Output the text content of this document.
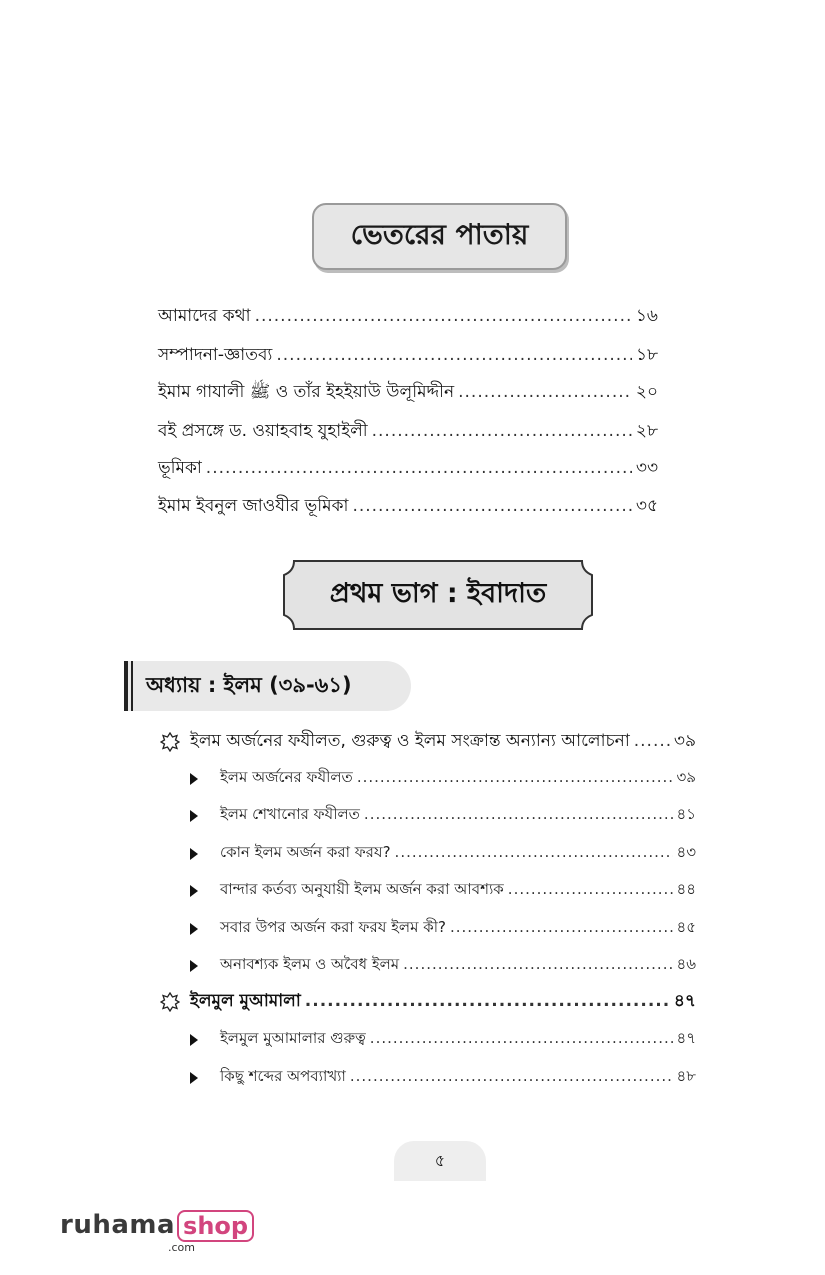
ভেতরের পাতায়
আমাদের কথা .....	১৬
সম্পাদনা-জ্ঞাতব্য .....	১৮
ইমাম গাযালী ﷺ ও তাঁর ইহইয়াউ উলূমিদ্দীন .....	২০
বই প্রসঙ্গে ড. ওয়াহবাহ যুহাইলী .....	২৮
ভূমিকা .....	৩৩
ইমাম ইবনুল জাওযীর ভূমিকা .....	৩৫
প্রথম ভাগ : ইবাদাত
অধ্যায় : ইলম (৩৯-৬১)
ইলম অর্জনের ফযীলত, গুরুত্ব ও ইলম সংক্রান্ত অন্যান্য আলোচনা .....	৩৯
ইলম অর্জনের ফযীলত .....	৩৯
ইলম শেখানোর ফযীলত .....	৪১
কোন ইলম অর্জন করা ফরয? .....	৪৩
বান্দার কর্তব্য অনুযায়ী ইলম অর্জন করা আবশ্যক .....	৪৪
সবার উপর অর্জন করা ফরয ইলম কী? .....	৪৫
অনাবশ্যক ইলম ও অবৈধ ইলম .....	৪৬
ইলমুল মুআমালা .....	৪৭
ইলমুল মুআমালার গুরুত্ব .....	৪৭
কিছু শব্দের অপব্যাখ্যা .....	৪৮
৫
ruhama shop
.com
